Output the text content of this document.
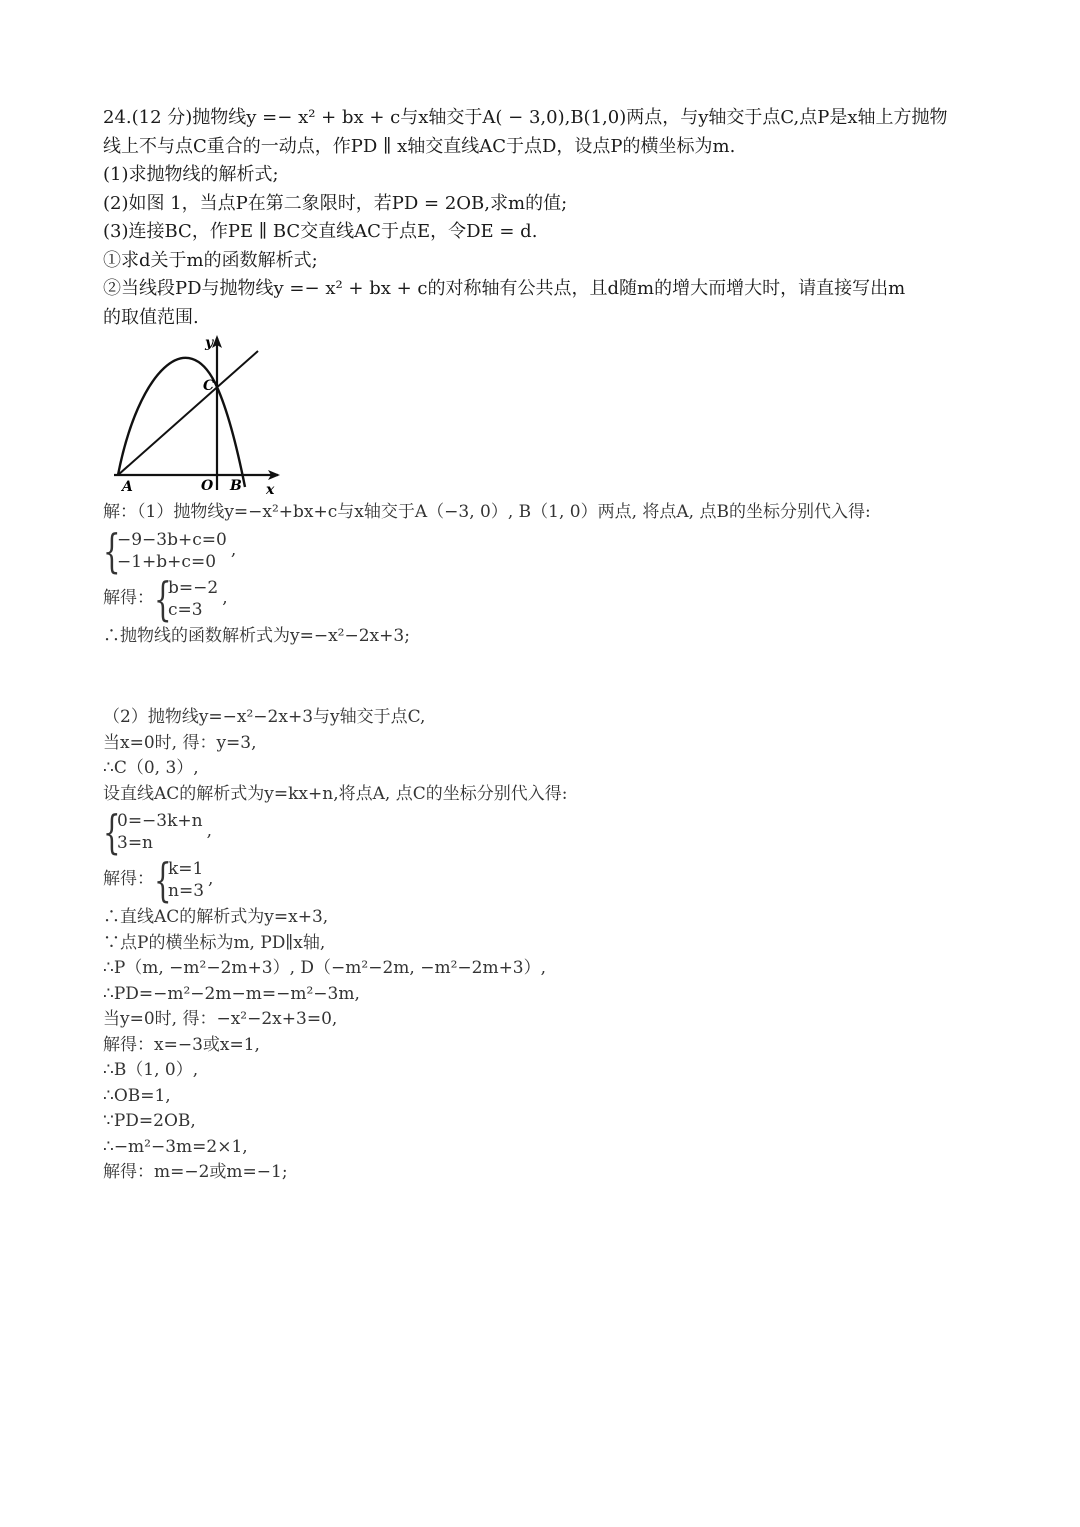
24.(12 分)抛物线y =− x² + bx + c与x轴交于A( − 3,0),B(1,0)两点，与y轴交于点C,点P是x轴上方抛物
线上不与点C重合的一动点，作PD ∥ x轴交直线AC于点D，设点P的横坐标为m.
(1)求抛物线的解析式;
(2)如图 1，当点P在第二象限时，若PD = 2OB,求m的值;
(3)连接BC，作PE ∥ BC交直线AC于点E，令DE = d.
①求d关于m的函数解析式;
②当线段PD与抛物线y =− x² + bx + c的对称轴有公共点，且d随m的增大而增大时，请直接写出m
的取值范围.
y
C
A	O B x
解：（1）抛物线y=−x²+bx+c与x轴交于A（−3, 0）, B（1, 0）两点, 将点A, 点B的坐标分别代入得:
{
−9−3b+c=0
−1+b+c=0
,
解得： {
b=−2
c=3
,
∴抛物线的函数解析式为y=−x²−2x+3;
（2）抛物线y=−x²−2x+3与y轴交于点C,
当x=0时, 得：y=3,
∴C（0, 3）,
设直线AC的解析式为y=kx+n,将点A, 点C的坐标分别代入得:
{
0=−3k+n
3=n
,
解得： {
k=1
n=3
,
∴直线AC的解析式为y=x+3,
∵点P的横坐标为m, PD∥x轴,
∴P（m, −m²−2m+3）, D（−m²−2m, −m²−2m+3）,
∴PD=−m²−2m−m=−m²−3m,
当y=0时, 得：−x²−2x+3=0,
解得：x=−3或x=1,
∴B（1, 0）,
∴OB=1,
∵PD=2OB,
∴−m²−3m=2×1,
解得：m=−2或m=−1;
